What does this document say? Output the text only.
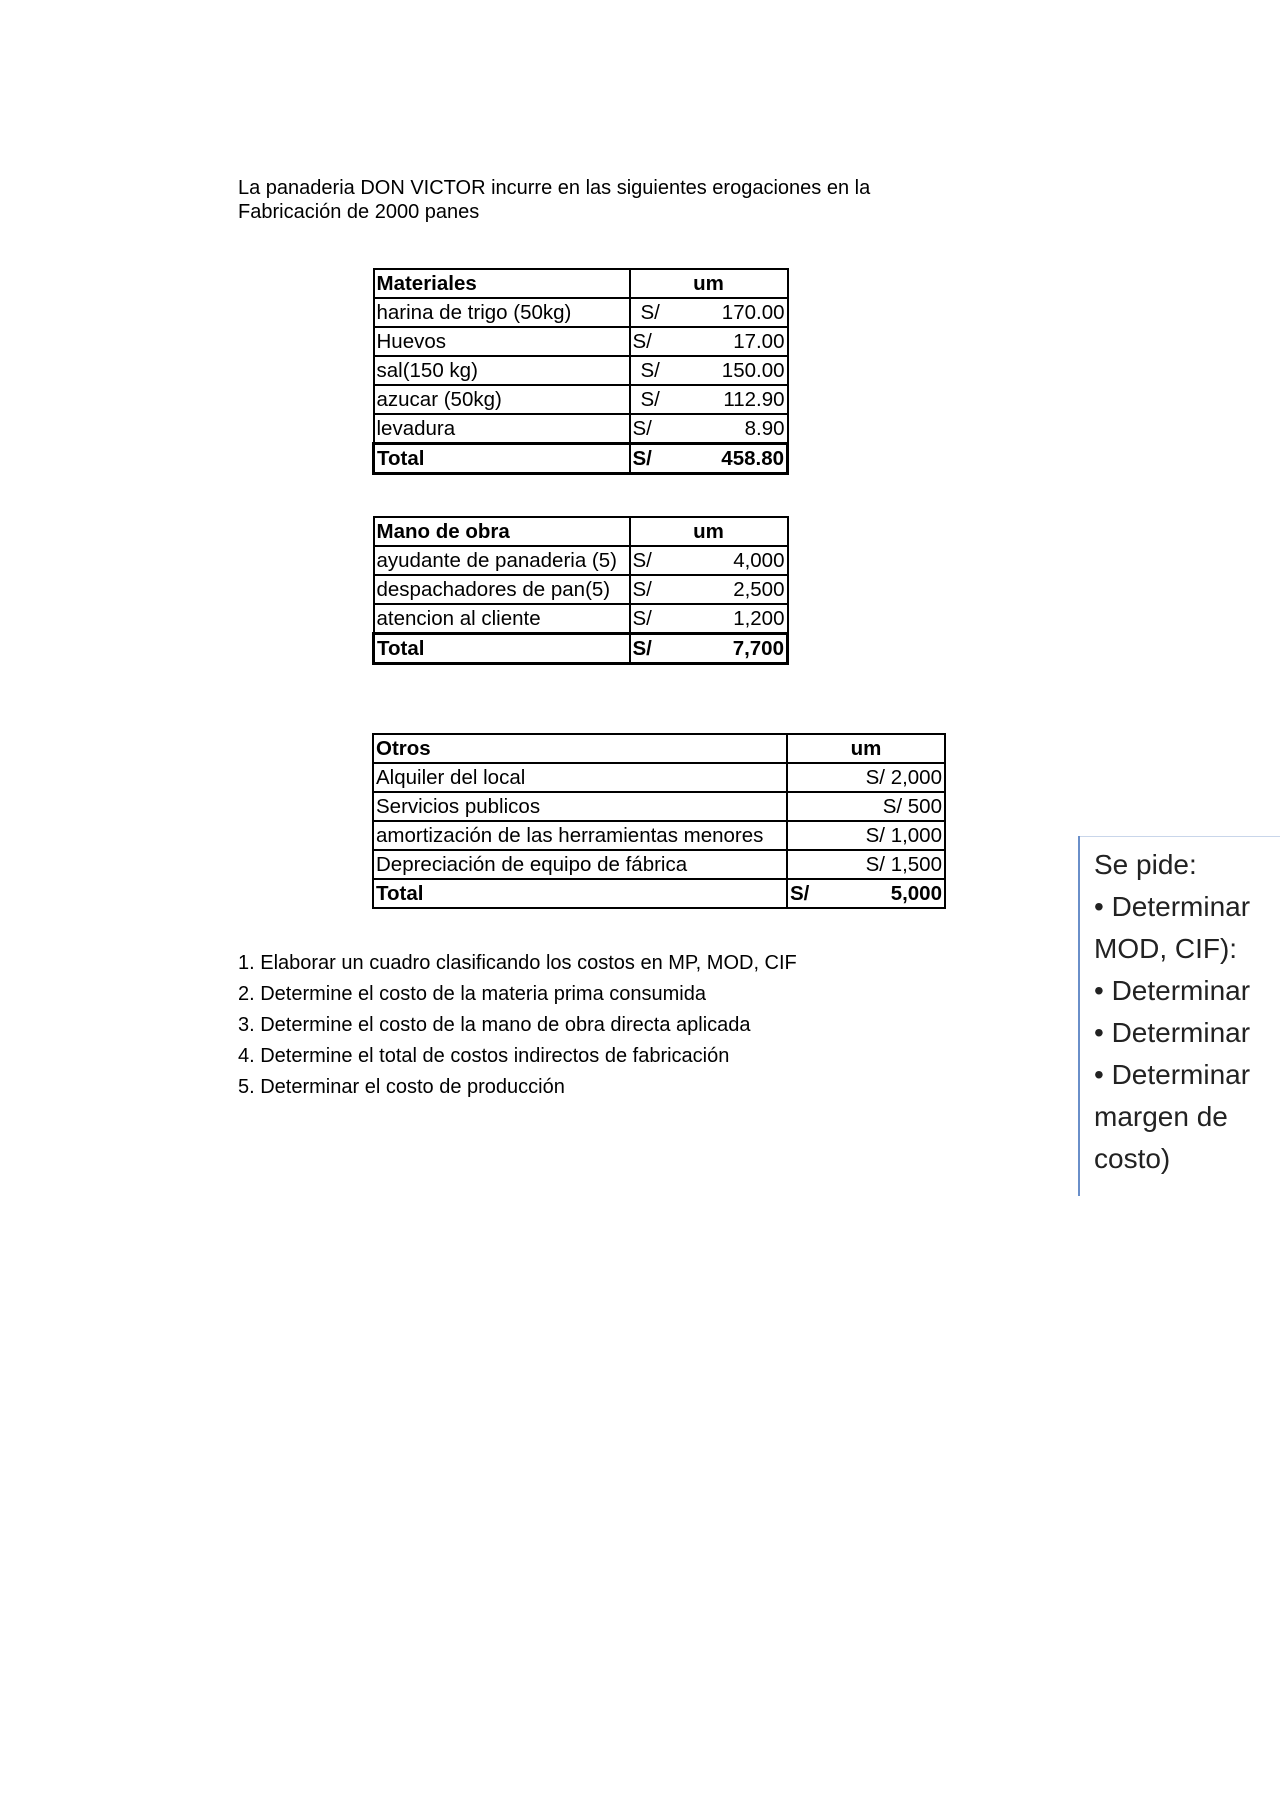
La panaderia DON VICTOR incurre en las siguientes erogaciones en la
Fabricación de 2000 panes
Materiales	um	
harina de trigo (50kg)	S/	170.00
Huevos	S/	17.00
sal(150 kg)	S/	150.00
azucar (50kg)	S/	112.90
levadura	S/	8.90
Total	S/	458.80
Mano de obra	um	
ayudante de panaderia (5)	S/	4,000
despachadores de pan(5)	S/	2,500
atencion al cliente	S/	1,200
Total	S/	7,700
Otros	um	
Alquiler del local	S/ 2,000	
Servicios publicos	S/ 500	
amortización de las herramientas menores	S/ 1,000	
Depreciación de equipo de fábrica	S/ 1,500	
Total	S/	5,000
1. Elaborar un cuadro clasificando los costos en MP, MOD, CIF
2. Determine el costo de la materia prima consumida
3. Determine el costo de la mano de obra directa aplicada
4. Determine el total de costos indirectos de fabricación
5. Determinar el costo de producción
Se pide:
• Determinar
MOD, CIF):
• Determinar
• Determinar
• Determinar
margen de
costo)
